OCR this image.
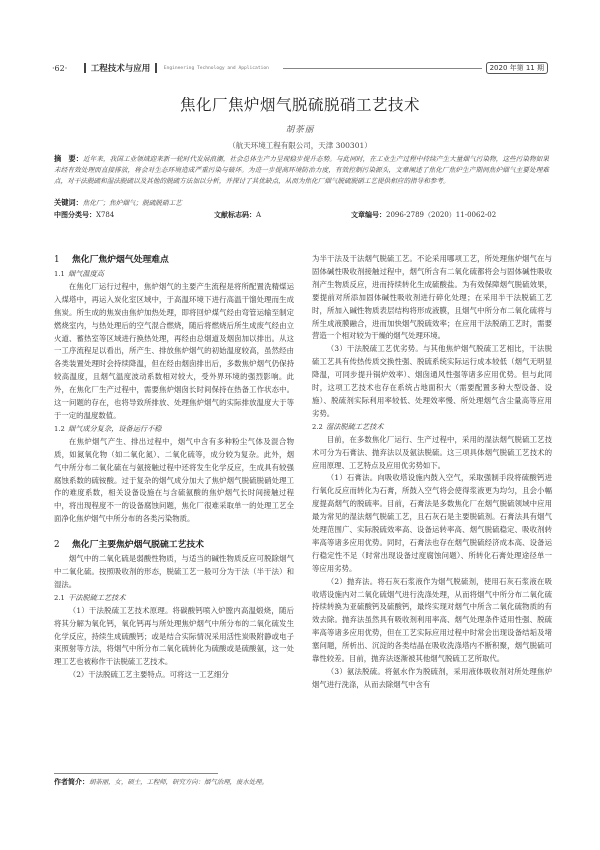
·62·	工程技术与应用	Engineering Technology and Application	2020 年第 11 期
焦化厂焦炉烟气脱硫脱硝工艺技术
胡荼丽
（航天环境工程有限公司，天津 300301）
摘　要：近年来，我国工业领域迎来新一轮时代发展浪潮，社会总体生产力呈现稳步提升态势。与此同时，在工业生产过程中持续产生大量烟气污染物，这些污染物如果未经有效处理而直接排放，将会对生态环境造成严重污染与破坏。为进一步提高环境防治力度，有效控制污染源头，文章阐述了焦化厂焦炉生产期间焦炉烟气主要处理难点，对干法脱硫和湿法脱硫以及其他的脱硫方法加以分析，并探讨了其优缺点，从而为焦化厂烟气脱硫脱硝工艺提供相应的指导和参考。
关键词：焦化厂；焦炉烟气；脱硫脱硝工艺
中图分类号：X784	文献标志码：A	文章编号：2096-2789（2020）11-0062-02
1 焦化厂焦炉烟气处理难点
1.1 烟气温度高

在焦化厂运行过程中，焦炉烟气的主要产生流程是将所配置洗精煤运入煤塔中，再运入炭化室区域中，于高温环境下进行高温干馏处理而生成焦炭。所生成的焦炭由焦炉加热处理，即将回炉煤气经由弯管运输至制定燃烧室内，与热处理后的空气混合燃烧，随后将燃烧后所生成废气经由立火道、蓄热室等区域进行换热处理，再经由总烟道及烟囱加以排出。从这一工序流程足以看出，所产生、排放焦炉烟气的初始温度较高，虽然经由各类装置处理时会持续降温，但在经由烟囱排出后，多数焦炉烟气仍保持较高温度，且烟气温度波动系数相对较大，受外界环境的强烈影响。此外，在焦化厂生产过程中，需要焦炉烟囱长时间保持在热备工作状态中。这一问题的存在，也将导致所排放、处理焦炉烟气的实际排放温度大于等于一定的温度数值。

1.2 烟气成分复杂，设备运行不稳

在焦炉烟气产生、排出过程中，烟气中含有多种粉尘气体及混合物质，如氮氧化物（如二氧化氮）、二氧化硫等，成分较为复杂。此外，烟气中所分布二氧化硫在与氨接触过程中还将发生化学反应，生成具有较强腐蚀系数的硫铵酸。过于复杂的烟气成分加大了焦炉烟气脱硫脱硝处理工作的难度系数，相关设备设施在与含硫氨酸的焦炉烟气长时间接触过程中，将出现程度不一的设备腐蚀问题，焦化厂很难采取单一的处理工艺全面净化焦炉烟气中所分布的各类污染物质。

2 焦化厂主要焦炉烟气脱硫工艺技术

烟气中的二氧化硫是弱酸性物质，与适当的碱性物质反应可脱除烟气中二氧化硫。按照吸收剂的形态，脱硫工艺一般可分为干法（半干法）和湿法。

2.1 干法脱硫工艺技术

（1）干法脱硫工艺技术原理。将碳酸钙喷入炉膛内高温煅烧，随后将其分解为氧化钙，氧化钙再与所处理焦炉烟气中所分布的二氧化硫发生化学反应，持续生成硫酸钙；或是结合实际情况采用活性炭吸附静或电子束照射等方法，将烟气中所分布二氧化硫转化为硫酸或是硫酸氨，这一处理工艺也被称作干法脱硫工艺技术。

（2）干法脱硫工艺主要特点。可将这一工艺细分

作者简介：胡荼丽，女，硕士，工程师，研究方向：烟气治理，废水处理。

为半干法及干法烟气脱硫工艺。不论采用哪项工艺，所处理焦炉烟气在与固体碱性吸收剂接触过程中，烟气所含有二氧化硫都将会与固体碱性吸收剂产生物质反应，进而持续转化生成硫酸盐。为有效保障烟气脱硫效果，要提前对所添加固体碱性吸收剂进行碎化处理；在采用半干法脱硫工艺时，所加入碱性物质表层结构将形成液膜，且烟气中所分布二氧化硫将与所生成液膜融合，进而加快烟气脱硫效率；在应用干法脱硝工艺时，需要营造一个相对较为干燥的烟气处理环境。

（3）干法脱硫工艺优劣势。与其他焦炉烟气脱硫工艺相比，干法脱硫工艺具有传热传质交换性强、脱硫系统实际运行成本较低（烟气无明显降温，可同步提升锅炉效率）、烟囱通风性强等诸多应用优势。但与此同时，这项工艺技术也存在系统占地面积大（需要配置多种大型设备、设施）、脱硫剂实际利用率较低、处理效率慢、所处理烟气含尘量高等应用劣势。

2.2 湿法脱硫工艺技术

目前，在多数焦化厂运行、生产过程中，采用的湿法烟气脱硫工艺技术可分为石膏法、抛弃法以及氨法脱硫。这三项具体烟气脱硫工艺技术的应用原理、工艺特点及应用优劣势如下。

（1）石膏法。向吸收塔设施内鼓入空气，采取强制手段将硫酸钙进行氧化反应而转化为石膏，所鼓入空气将会使得浆液更为均匀，且会小幅度提高烟气的脱硫率。目前，石膏法是多数焦化厂在烟气脱硫领域中应用最为常见的湿法烟气脱硫工艺，且石灰石是主要脱硫剂。石膏法具有烟气处理范围广、实际脱硫效率高、设备运转率高、烟气脱硫稳定、吸收剂转率高等诸多应用优势。同时，石膏法也存在烟气脱硫经济成本高、设备运行稳定性不足（时常出现设备过度腐蚀问题）、所转化石膏处理途径单一等应用劣势。

（2）抛弃法。将石灰石浆液作为烟气脱硫剂，使用石灰石浆液在吸收塔设施内对二氧化硫烟气进行洗涤处理，从而将烟气中所分布二氧化硫持续转换为亚硫酸钙及硫酸钙，最终实现对烟气中所含二氧化硫物质的有效去除。抛弃法虽然具有吸收剂利用率高、烟气处理条件适用性强、脱硫率高等诸多应用优势，但在工艺实际应用过程中时常会出现设备结垢及堵塞问题，所析出、沉淀的各类结晶在吸收洗涤塔内不断积聚，烟气脱硫可靠性较差。目前，抛弃法逐渐被其他烟气脱硫工艺所取代。

（3）氨法脱硫。将氨水作为脱硫剂，采用液体吸收剂对所处理焦炉烟气进行洗涤，从而去除烟气中含有
